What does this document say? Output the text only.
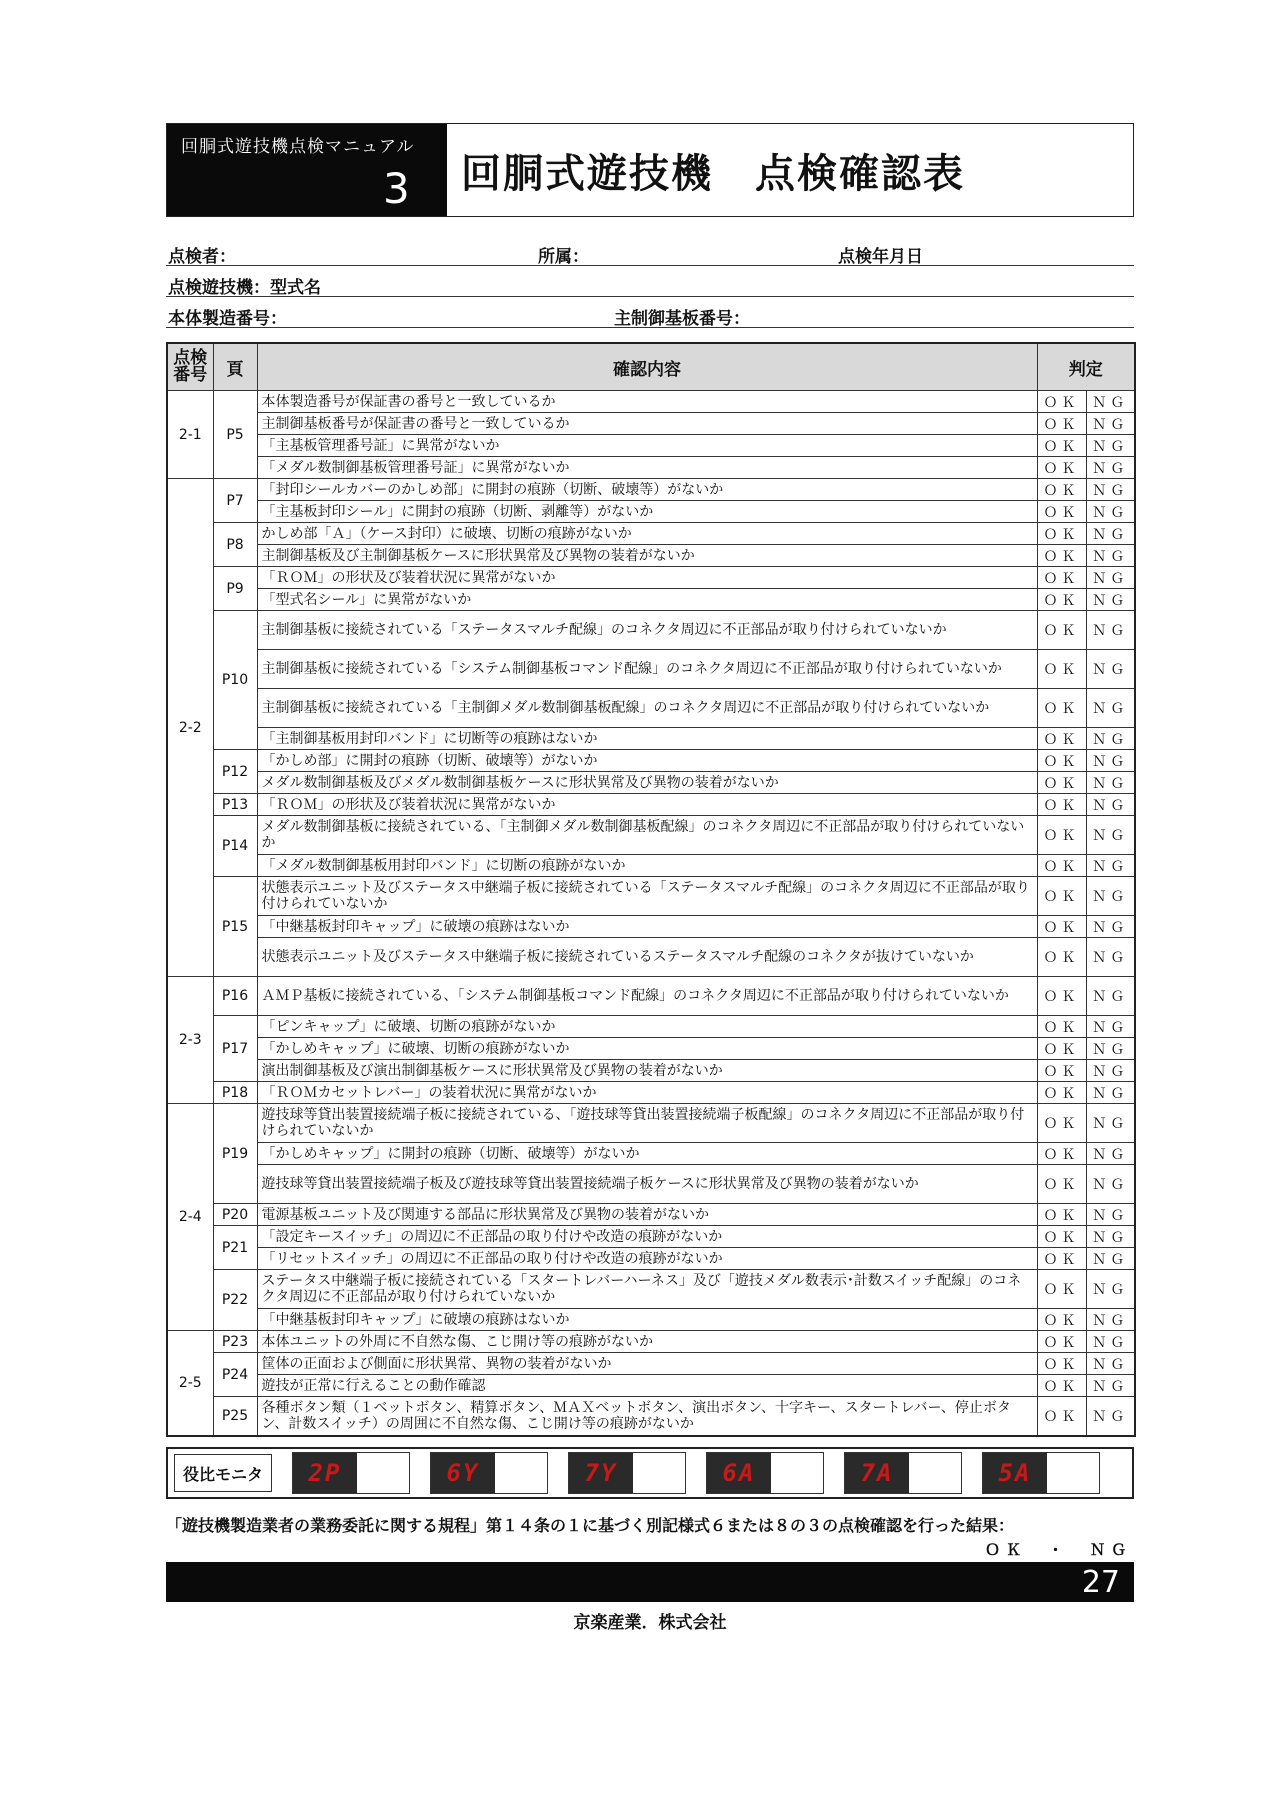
回胴式遊技機点検マニュアル
3	回胴式遊技機　点検確認表
点検者：	所属：	点検年月日
点検遊技機：型式名
本体製造番号：	主制御基板番号：
点検番号	頁	確認内容	判定	
2-1	P5	本体製造番号が保証書の番号と一致しているか	ＯＫ	ＮＧ
		主制御基板番号が保証書の番号と一致しているか	ＯＫ	ＮＧ
		「主基板管理番号証」に異常がないか	ＯＫ	ＮＧ
		「メダル数制御基板管理番号証」に異常がないか	ＯＫ	ＮＧ
2-2	P7	「封印シールカバーのかしめ部」に開封の痕跡（切断、破壊等）がないか	ＯＫ	ＮＧ
		「主基板封印シール」に開封の痕跡（切断、剥離等）がないか	ＯＫ	ＮＧ
	P8	かしめ部「Ａ」（ケース封印）に破壊、切断の痕跡がないか	ＯＫ	ＮＧ
		主制御基板及び主制御基板ケースに形状異常及び異物の装着がないか	ＯＫ	ＮＧ
	P9	「ＲＯＭ」の形状及び装着状況に異常がないか	ＯＫ	ＮＧ
		「型式名シール」に異常がないか	ＯＫ	ＮＧ
	P10	主制御基板に接続されている「ステータスマルチ配線」のコネクタ周辺に不正部品が取り付けられていないか	ＯＫ	ＮＧ
		主制御基板に接続されている「システム制御基板コマンド配線」のコネクタ周辺に不正部品が取り付けられていないか	ＯＫ	ＮＧ
		主制御基板に接続されている「主制御メダル数制御基板配線」のコネクタ周辺に不正部品が取り付けられていないか	ＯＫ	ＮＧ
		「主制御基板用封印バンド」に切断等の痕跡はないか	ＯＫ	ＮＧ
	P12	「かしめ部」に開封の痕跡（切断、破壊等）がないか	ＯＫ	ＮＧ
		メダル数制御基板及びメダル数制御基板ケースに形状異常及び異物の装着がないか	ＯＫ	ＮＧ
	P13	「ＲＯＭ」の形状及び装着状況に異常がないか	ＯＫ	ＮＧ
	P14	メダル数制御基板に接続されている、「主制御メダル数制御基板配線」のコネクタ周辺に不正部品が取り付けられていないか	ＯＫ	ＮＧ
		「メダル数制御基板用封印バンド」に切断の痕跡がないか	ＯＫ	ＮＧ
	P15	状態表示ユニット及びステータス中継端子板に接続されている「ステータスマルチ配線」のコネクタ周辺に不正部品が取り付けられていないか	ＯＫ	ＮＧ
		「中継基板封印キャップ」に破壊の痕跡はないか	ＯＫ	ＮＧ
		状態表示ユニット及びステータス中継端子板に接続されているステータスマルチ配線のコネクタが抜けていないか	ＯＫ	ＮＧ
2-3	P16	ＡＭＰ基板に接続されている、「システム制御基板コマンド配線」のコネクタ周辺に不正部品が取り付けられていないか	ＯＫ	ＮＧ
	P17	「ピンキャップ」に破壊、切断の痕跡がないか	ＯＫ	ＮＧ
		「かしめキャップ」に破壊、切断の痕跡がないか	ＯＫ	ＮＧ
		演出制御基板及び演出制御基板ケースに形状異常及び異物の装着がないか	ＯＫ	ＮＧ
	P18	「ＲＯＭカセットレバー」の装着状況に異常がないか	ＯＫ	ＮＧ
2-4	P19	遊技球等貸出装置接続端子板に接続されている、「遊技球等貸出装置接続端子板配線」のコネクタ周辺に不正部品が取り付けられていないか	ＯＫ	ＮＧ
		「かしめキャップ」に開封の痕跡（切断、破壊等）がないか	ＯＫ	ＮＧ
		遊技球等貸出装置接続端子板及び遊技球等貸出装置接続端子板ケースに形状異常及び異物の装着がないか	ＯＫ	ＮＧ
	P20	電源基板ユニット及び関連する部品に形状異常及び異物の装着がないか	ＯＫ	ＮＧ
	P21	「設定キースイッチ」の周辺に不正部品の取り付けや改造の痕跡がないか	ＯＫ	ＮＧ
		「リセットスイッチ」の周辺に不正部品の取り付けや改造の痕跡がないか	ＯＫ	ＮＧ
	P22	ステータス中継端子板に接続されている「スタートレバーハーネス」及び「遊技メダル数表示･計数スイッチ配線」のコネクタ周辺に不正部品が取り付けられていないか	ＯＫ	ＮＧ
		「中継基板封印キャップ」に破壊の痕跡はないか	ＯＫ	ＮＧ
2-5	P23	本体ユニットの外周に不自然な傷、こじ開け等の痕跡がないか	ＯＫ	ＮＧ
	P24	筐体の正面および側面に形状異常、異物の装着がないか	ＯＫ	ＮＧ
		遊技が正常に行えることの動作確認	ＯＫ	ＮＧ
	P25	各種ボタン類（１ベットボタン、精算ボタン、ＭＡＸベットボタン、演出ボタン、十字キー、スタートレバー、停止ボタン、計数スイッチ）の周囲に不自然な傷、こじ開け等の痕跡がないか	ＯＫ	ＮＧ
役比モニタ	2P	6Y	7Y	6A	7A	5A
「遊技機製造業者の業務委託に関する規程」第１４条の１に基づく別記様式６または８の３の点検確認を行った結果：
ＯＫ　・　ＮＧ
27
京楽産業．株式会社
